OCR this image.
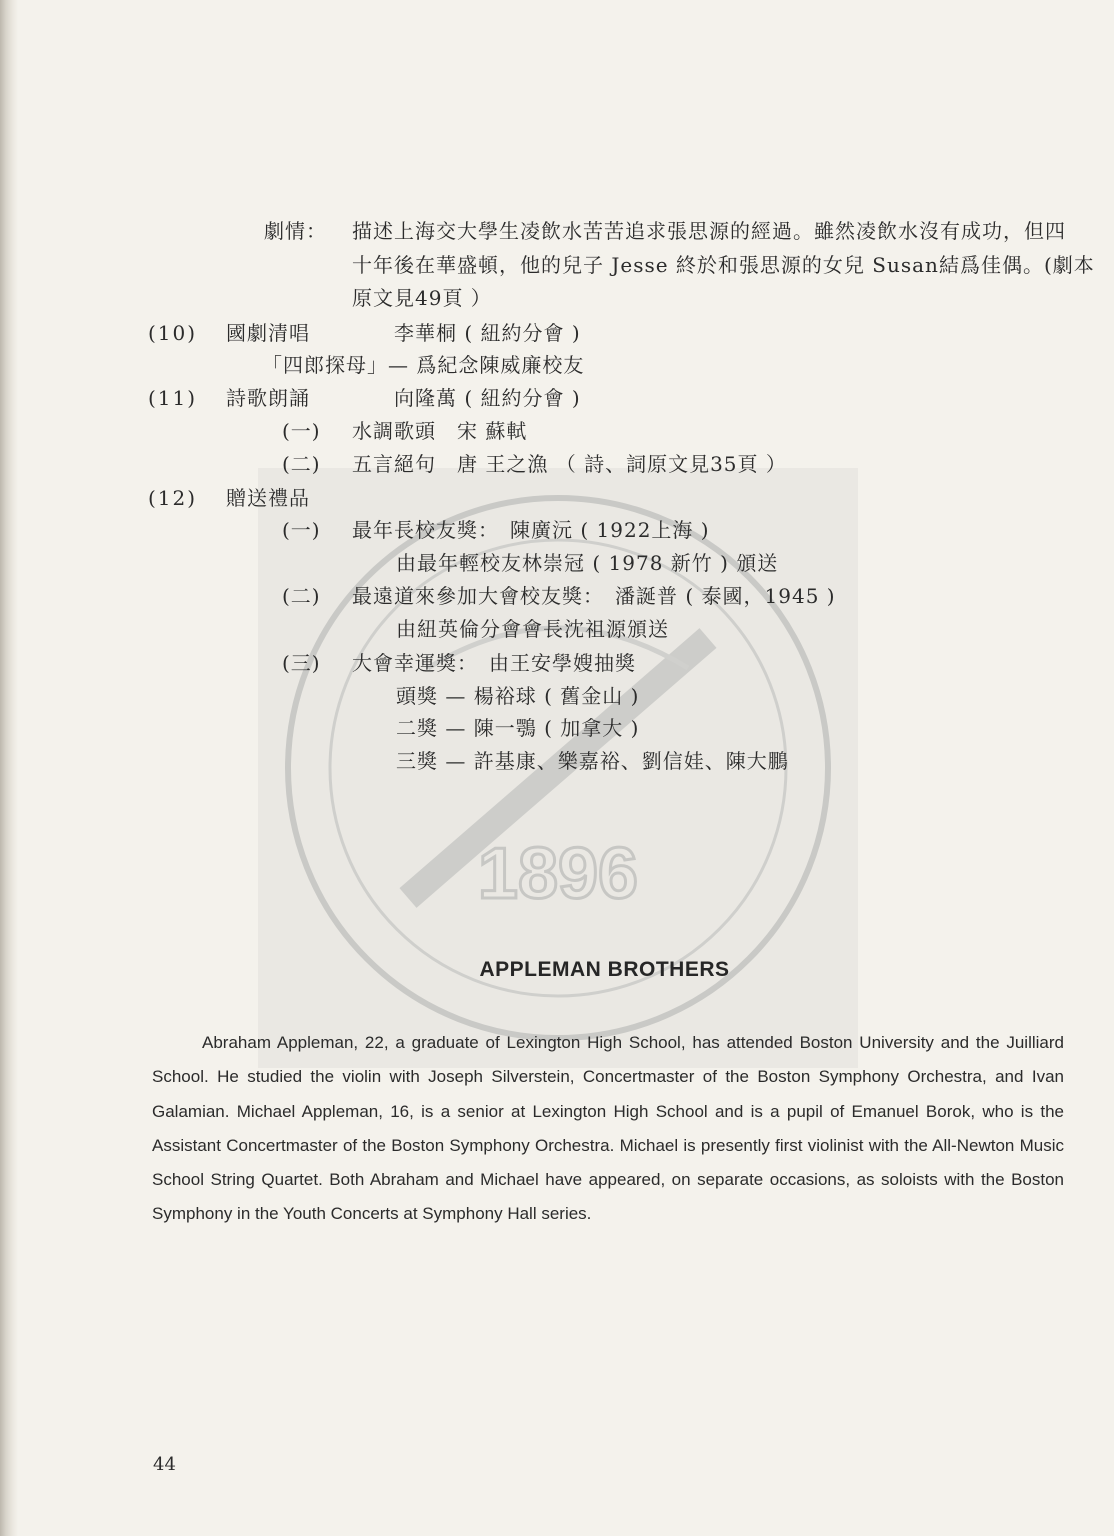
1896
劇情： 描述上海交大學生凌飲水苦苦追求張思源的經過。雖然凌飲水沒有成功，但四
十年後在華盛頓，他的兒子 Jesse 終於和張思源的女兒 Susan結爲佳偶。(劇本
原文見49頁 ）
(10) 國劇清唱	李華桐 ( 紐約分會 )
「四郎探母」— 爲紀念陳威廉校友
(11) 詩歌朗誦	向隆萬 ( 紐約分會 )
(一) 水調歌頭　宋 蘇軾
(二) 五言絕句　唐 王之漁 （ 詩、詞原文見35頁 ）
(12) 贈送禮品
(一) 最年長校友獎：　陳廣沅 ( 1922上海 )
由最年輕校友林崇冠 ( 1978 新竹 ) 頒送
(二) 最遠道來參加大會校友獎：　潘誕普 ( 泰國，1945 )
由紐英倫分會會長沈祖源頒送
(三) 大會幸運獎：　由王安學嫂抽獎
頭獎 — 楊裕球 ( 舊金山 )
二獎 — 陳一鶚 ( 加拿大 )
三獎 — 許基康、樂嘉裕、劉信娃、陳大鵬
APPLEMAN BROTHERS

Abraham Appleman, 22, a graduate of Lexington High School, has attended Boston University and the Juilliard School. He studied the violin with Joseph Silverstein, Concertmaster of the Boston Symphony Orchestra, and Ivan Galamian. Michael Appleman, 16, is a senior at Lexington High School and is a pupil of Emanuel Borok, who is the Assistant Concertmaster of the Boston Symphony Orchestra. Michael is presently first violinist with the All-Newton Music School String Quartet. Both Abraham and Michael have appeared, on separate occasions, as soloists with the Boston Symphony in the Youth Concerts at Symphony Hall series.

44
